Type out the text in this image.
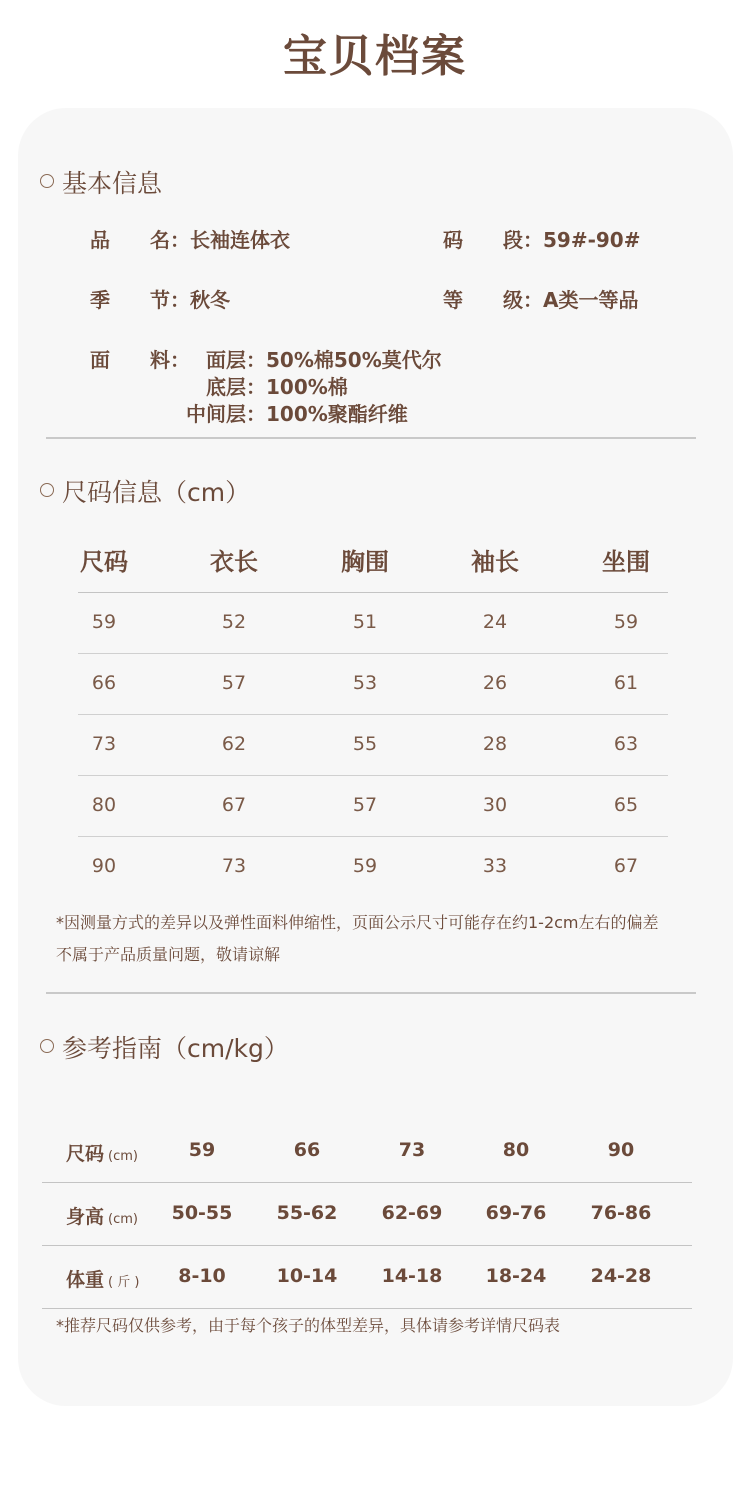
宝贝档案
基本信息
品　　名：长袖连体衣	码　　段：59#-90#
季　　节：秋冬	等　　级：A类一等品
面　　料： 面层：50%棉50%莫代尔
底层：100%棉
中间层：100%聚酯纤维
尺码信息（cm）
尺码	衣长	胸围	袖长	坐围
59	52	51	24	59
66	57	53	26	61
73	62	55	28	63
80	67	57	30	65
90	73	59	33	67
*因测量方式的差异以及弹性面料伸缩性，页面公示尺寸可能存在约1-2cm左右的偏差
不属于产品质量问题，敬请谅解
参考指南（cm/kg）
尺码 (cm)	59	66	73	80	90
身高 (cm)	50-55	55-62	62-69	69-76	76-86
体重 ( 斤 )	8-10	10-14	14-18	18-24	24-28
*推荐尺码仅供参考，由于每个孩子的体型差异，具体请参考详情尺码表
